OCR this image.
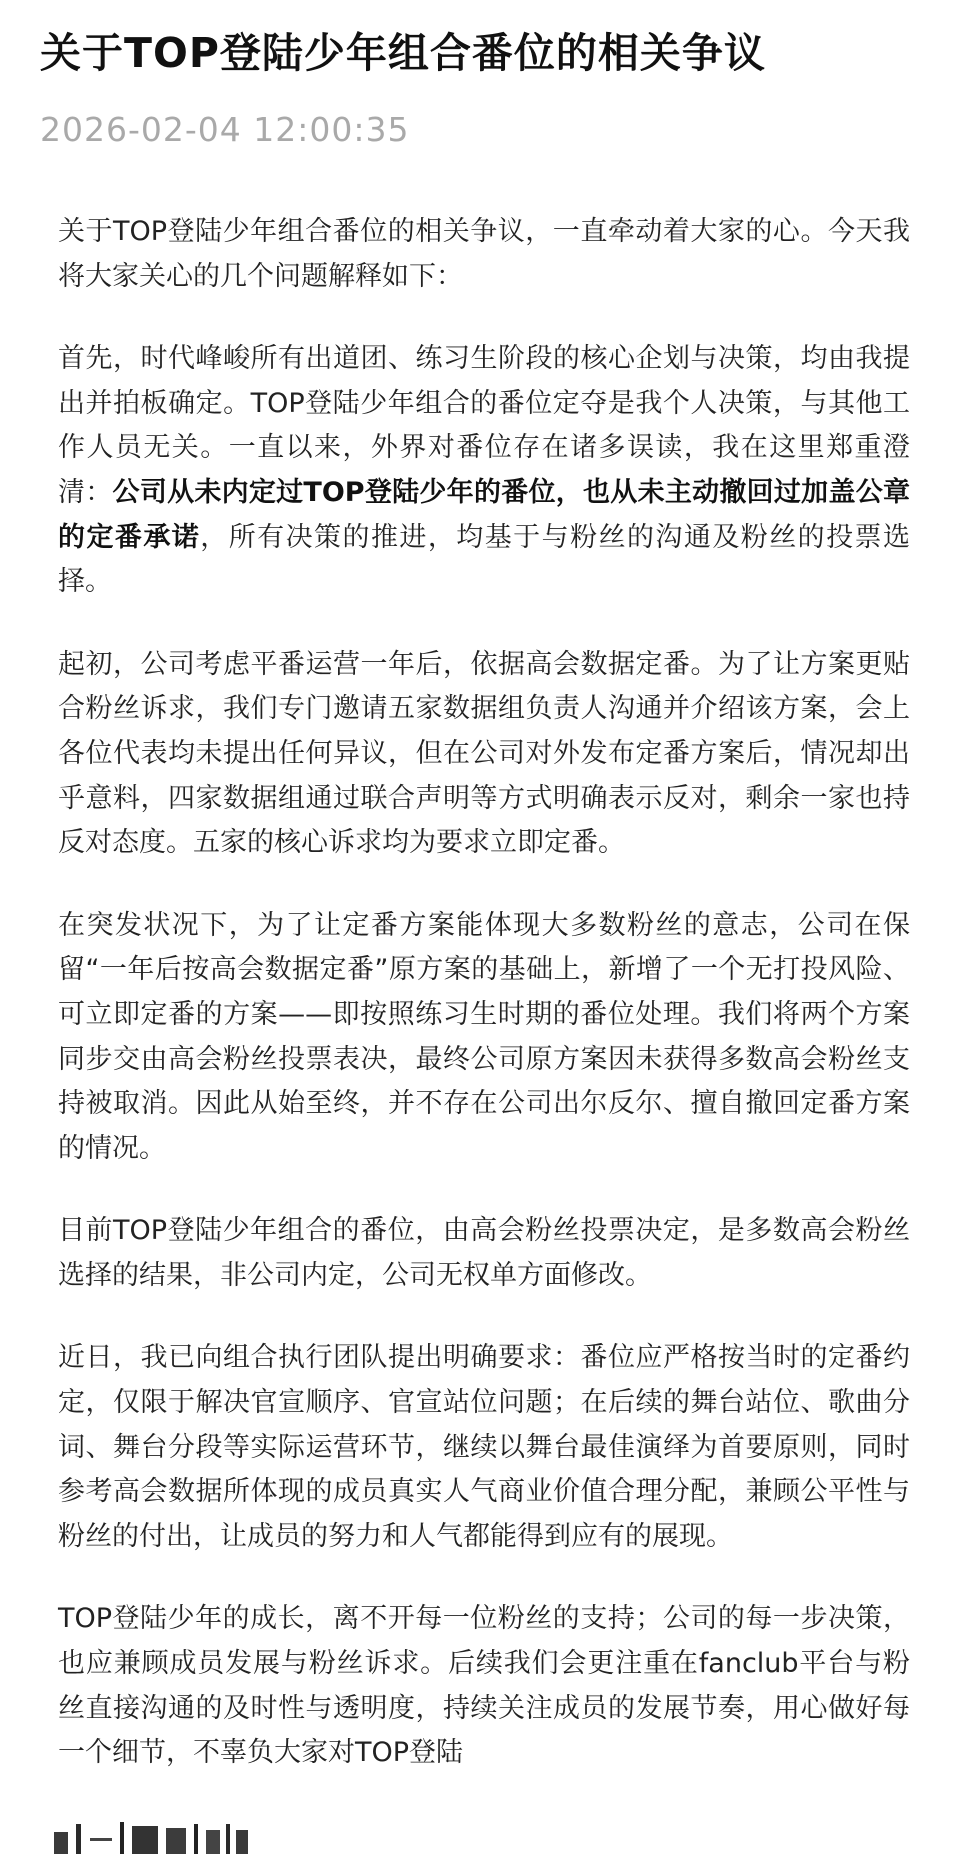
关于TOP登陆少年组合番位的相关争议
2026-02-04 12:00:35

关于TOP登陆少年组合番位的相关争议，一直牵动着大家的心。今天我将大家关心的几个问题解释如下：

首先，时代峰峻所有出道团、练习生阶段的核心企划与决策，均由我提出并拍板确定。TOP登陆少年组合的番位定夺是我个人决策，与其他工作人员无关。一直以来，外界对番位存在诸多误读，我在这里郑重澄清：公司从未内定过TOP登陆少年的番位，也从未主动撤回过加盖公章的定番承诺，所有决策的推进，均基于与粉丝的沟通及粉丝的投票选择。

起初，公司考虑平番运营一年后，依据高会数据定番。为了让方案更贴合粉丝诉求，我们专门邀请五家数据组负责人沟通并介绍该方案，会上各位代表均未提出任何异议，但在公司对外发布定番方案后，情况却出乎意料，四家数据组通过联合声明等方式明确表示反对，剩余一家也持反对态度。五家的核心诉求均为要求立即定番。

在突发状况下，为了让定番方案能体现大多数粉丝的意志，公司在保留“一年后按高会数据定番”原方案的基础上，新增了一个无打投风险、可立即定番的方案——即按照练习生时期的番位处理。我们将两个方案同步交由高会粉丝投票表决，最终公司原方案因未获得多数高会粉丝支持被取消。因此从始至终，并不存在公司出尔反尔、擅自撤回定番方案的情况。

目前TOP登陆少年组合的番位，由高会粉丝投票决定，是多数高会粉丝选择的结果，非公司内定，公司无权单方面修改。

近日，我已向组合执行团队提出明确要求：番位应严格按当时的定番约定，仅限于解决官宣顺序、官宣站位问题；在后续的舞台站位、歌曲分词、舞台分段等实际运营环节，继续以舞台最佳演绎为首要原则，同时参考高会数据所体现的成员真实人气商业价值合理分配，兼顾公平性与粉丝的付出，让成员的努力和人气都能得到应有的展现。

TOP登陆少年的成长，离不开每一位粉丝的支持；公司的每一步决策，也应兼顾成员发展与粉丝诉求。后续我们会更注重在fanclub平台与粉丝直接沟通的及时性与透明度，持续关注成员的发展节奏，用心做好每一个细节，不辜负大家对TOP登陆
